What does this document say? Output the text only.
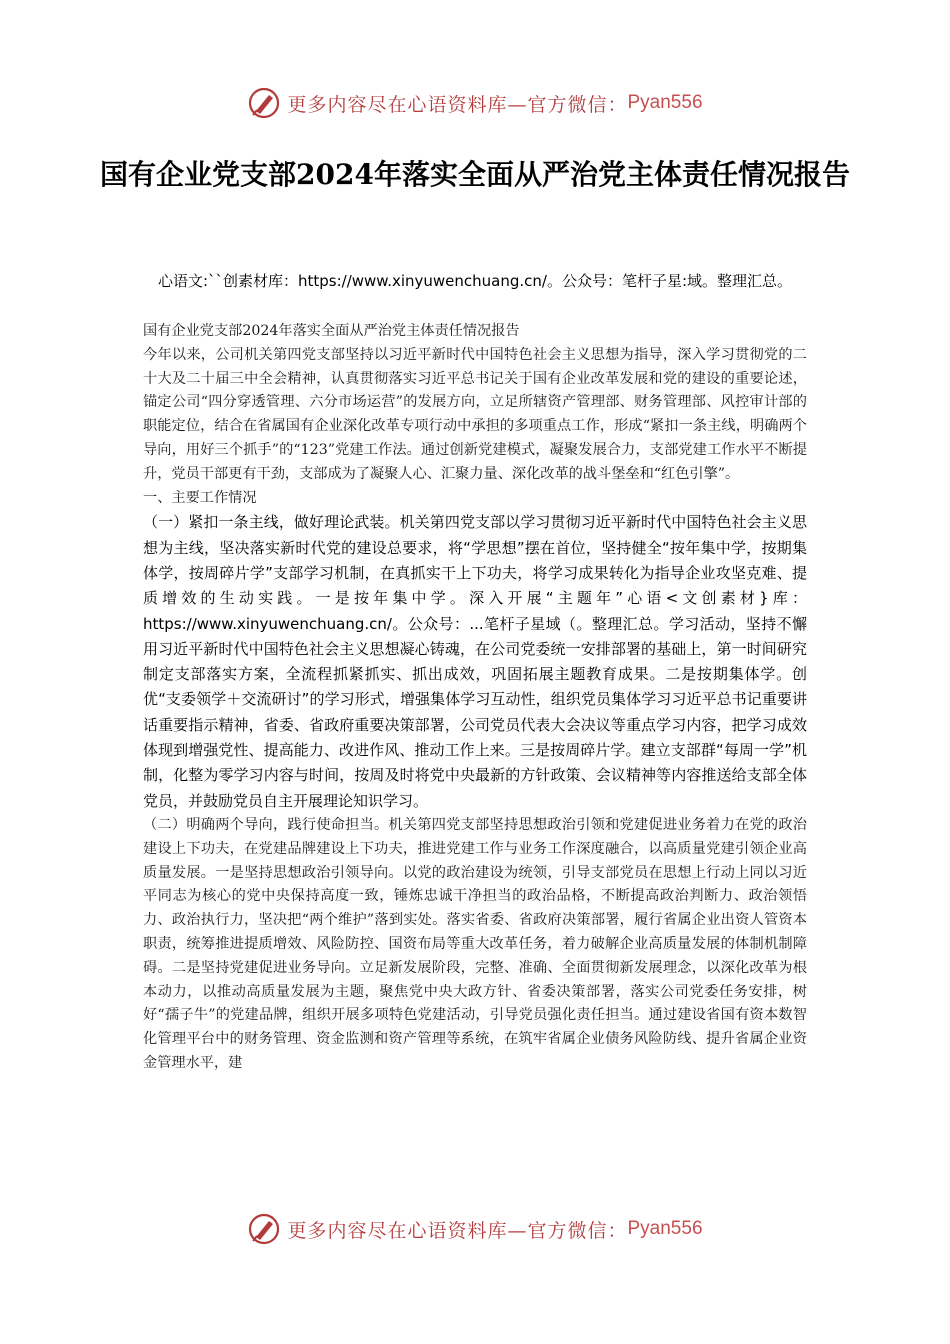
更多内容尽在心语资料库—官方微信： Pyan556
国有企业党支部2024年落实全面从严治党主体责任情况报告
心语文:``创素材库：https://www.xinyuwenchuang.cn/。公众号：笔杆子星:域。整理汇总。

国有企业党支部2024年落实全面从严治党主体责任情况报告

今年以来，公司机关第四党支部坚持以习近平新时代中国特色社会主义思想为指导，深入学习贯彻党的二十大及二十届三中全会精神，认真贯彻落实习近平总书记关于国有企业改革发展和党的建设的重要论述，锚定公司“四分穿透管理、六分市场运营”的发展方向，立足所辖资产管理部、财务管理部、风控审计部的职能定位，结合在省属国有企业深化改革专项行动中承担的多项重点工作，形成“紧扣一条主线，明确两个导向，用好三个抓手”的“123”党建工作法。通过创新党建模式，凝聚发展合力，支部党建工作水平不断提升，党员干部更有干劲，支部成为了凝聚人心、汇聚力量、深化改革的战斗堡垒和“红色引擎”。

一、主要工作情况

（一）紧扣一条主线，做好理论武装。机关第四党支部以学习贯彻习近平新时代中国特色社会主义思想为主线，坚决落实新时代党的建设总要求，将“学思想”摆在首位，坚持健全“按年集中学，按期集体学，按周碎片学”支部学习机制，在真抓实干上下功夫，将学习成果转化为指导企业攻坚克难、提质增效的生动实践。一是按年集中学。深入开展“主题年”心语<文创素材}库：https://www.xinyuwenchuang.cn/。公众号：...笔杆子星域（。整理汇总。学习活动，坚持不懈用习近平新时代中国特色社会主义思想凝心铸魂，在公司党委统一安排部署的基础上，第一时间研究制定支部落实方案，全流程抓紧抓实、抓出成效，巩固拓展主题教育成果。二是按期集体学。创优“支委领学＋交流研讨”的学习形式，增强集体学习互动性，组织党员集体学习习近平总书记重要讲话重要指示精神，省委、省政府重要决策部署，公司党员代表大会决议等重点学习内容，把学习成效体现到增强党性、提高能力、改进作风、推动工作上来。三是按周碎片学。建立支部群“每周一学”机制，化整为零学习内容与时间，按周及时将党中央最新的方针政策、会议精神等内容推送给支部全体党员，并鼓励党员自主开展理论知识学习。

（二）明确两个导向，践行使命担当。机关第四党支部坚持思想政治引领和党建促进业务着力在党的政治建设上下功夫，在党建品牌建设上下功夫，推进党建工作与业务工作深度融合，以高质量党建引领企业高质量发展。一是坚持思想政治引领导向。以党的政治建设为统领，引导支部党员在思想上行动上同以习近平同志为核心的党中央保持高度一致，锤炼忠诚干净担当的政治品格，不断提高政治判断力、政治领悟力、政治执行力，坚决把“两个维护”落到实处。落实省委、省政府决策部署，履行省属企业出资人管资本职责，统筹推进提质增效、风险防控、国资布局等重大改革任务，着力破解企业高质量发展的体制机制障碍。二是坚持党建促进业务导向。立足新发展阶段，完整、准确、全面贯彻新发展理念，以深化改革为根本动力，以推动高质量发展为主题，聚焦党中央大政方针、省委决策部署，落实公司党委任务安排，树好“孺子牛”的党建品牌，组织开展多项特色党建活动，引导党员强化责任担当。通过建设省国有资本数智化管理平台中的财务管理、资金监测和资产管理等系统，在筑牢省属企业债务风险防线、提升省属企业资金管理水平，建

更多内容尽在心语资料库—官方微信： Pyan556
